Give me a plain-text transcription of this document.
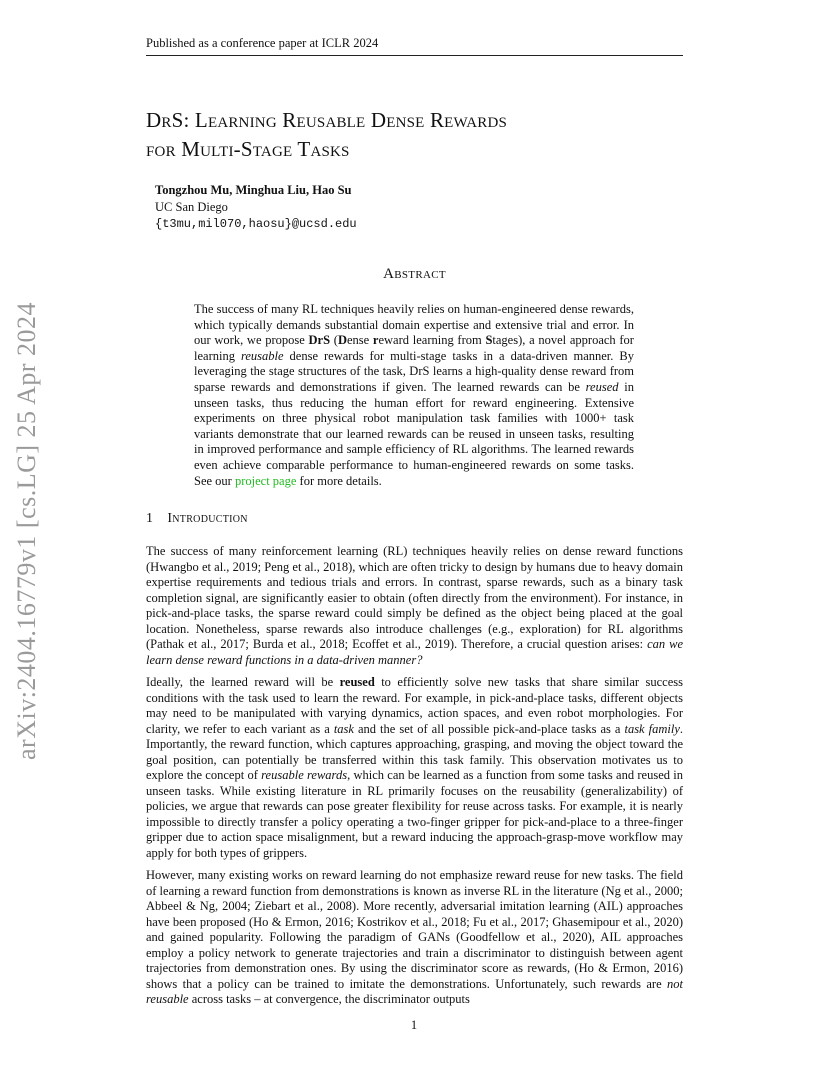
Published as a conference paper at ICLR 2024
arXiv:2404.16779v1 [cs.LG] 25 Apr 2024
DrS: Learning Reusable Dense Rewards
for Multi-Stage Tasks
Tongzhou Mu, Minghua Liu, Hao Su
UC San Diego
{t3mu,mil070,haosu}@ucsd.edu
Abstract
The success of many RL techniques heavily relies on human-engineered dense rewards, which typically demands substantial domain expertise and extensive trial and error. In our work, we propose DrS (Dense reward learning from Stages), a novel approach for learning reusable dense rewards for multi-stage tasks in a data-driven manner. By leveraging the stage structures of the task, DrS learns a high-quality dense reward from sparse rewards and demonstrations if given. The learned rewards can be reused in unseen tasks, thus reducing the human effort for reward engineering. Extensive experiments on three physical robot manipulation task families with 1000+ task variants demonstrate that our learned rewards can be reused in unseen tasks, resulting in improved performance and sample efficiency of RL algorithms. The learned rewards even achieve comparable performance to human-engineered rewards on some tasks. See our project page for more details.
1 Introduction

The success of many reinforcement learning (RL) techniques heavily relies on dense reward functions (Hwangbo et al., 2019; Peng et al., 2018), which are often tricky to design by humans due to heavy domain expertise requirements and tedious trials and errors. In contrast, sparse rewards, such as a binary task completion signal, are significantly easier to obtain (often directly from the environment). For instance, in pick-and-place tasks, the sparse reward could simply be defined as the object being placed at the goal location. Nonetheless, sparse rewards also introduce challenges (e.g., exploration) for RL algorithms (Pathak et al., 2017; Burda et al., 2018; Ecoffet et al., 2019). Therefore, a crucial question arises: can we learn dense reward functions in a data-driven manner?

Ideally, the learned reward will be reused to efficiently solve new tasks that share similar success conditions with the task used to learn the reward. For example, in pick-and-place tasks, different objects may need to be manipulated with varying dynamics, action spaces, and even robot morphologies. For clarity, we refer to each variant as a task and the set of all possible pick-and-place tasks as a task family. Importantly, the reward function, which captures approaching, grasping, and moving the object toward the goal position, can potentially be transferred within this task family. This observation motivates us to explore the concept of reusable rewards, which can be learned as a function from some tasks and reused in unseen tasks. While existing literature in RL primarily focuses on the reusability (generalizability) of policies, we argue that rewards can pose greater flexibility for reuse across tasks. For example, it is nearly impossible to directly transfer a policy operating a two-finger gripper for pick-and-place to a three-finger gripper due to action space misalignment, but a reward inducing the approach-grasp-move workflow may apply for both types of grippers.

However, many existing works on reward learning do not emphasize reward reuse for new tasks. The field of learning a reward function from demonstrations is known as inverse RL in the literature (Ng et al., 2000; Abbeel & Ng, 2004; Ziebart et al., 2008). More recently, adversarial imitation learning (AIL) approaches have been proposed (Ho & Ermon, 2016; Kostrikov et al., 2018; Fu et al., 2017; Ghasemipour et al., 2020) and gained popularity. Following the paradigm of GANs (Goodfellow et al., 2020), AIL approaches employ a policy network to generate trajectories and train a discriminator to distinguish between agent trajectories from demonstration ones. By using the discriminator score as rewards, (Ho & Ermon, 2016) shows that a policy can be trained to imitate the demonstrations. Unfortunately, such rewards are not reusable across tasks – at convergence, the discriminator outputs

1
